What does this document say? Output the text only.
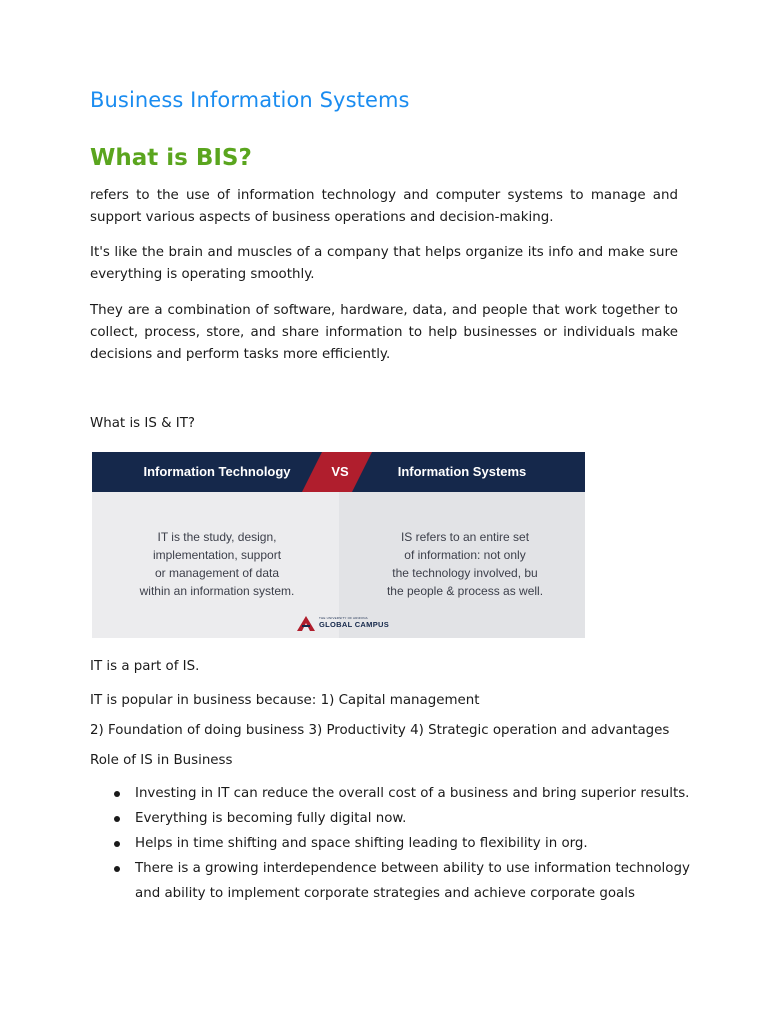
Business Information Systems
What is BIS?

refers to the use of information technology and computer systems to manage and support various aspects of business operations and decision-making.

It's like the brain and muscles of a company that helps organize its info and make sure everything is operating smoothly.

They are a combination of software, hardware, data, and people that work together to collect, process, store, and share information to help businesses or individuals make decisions and perform tasks more efficiently.

What is IS & IT?

Information Technology	VS	Information Systems
IT is the study, design,
implementation, support
or management of data
within an information system.
IS refers to an entire set
of information: not only
the technology involved, bu
the people & process as well.
THE UNIVERSITY OF ARIZONA
GLOBAL CAMPUS

IT is a part of IS.

IT is popular in business because: 1) Capital management

2) Foundation of doing business 3) Productivity 4) Strategic operation and advantages

Role of IS in Business

Investing in IT can reduce the overall cost of a business and bring superior results.
Everything is becoming fully digital now.
Helps in time shifting and space shifting leading to flexibility in org.
There is a growing interdependence between ability to use information technology and ability to implement corporate strategies and achieve corporate goals
